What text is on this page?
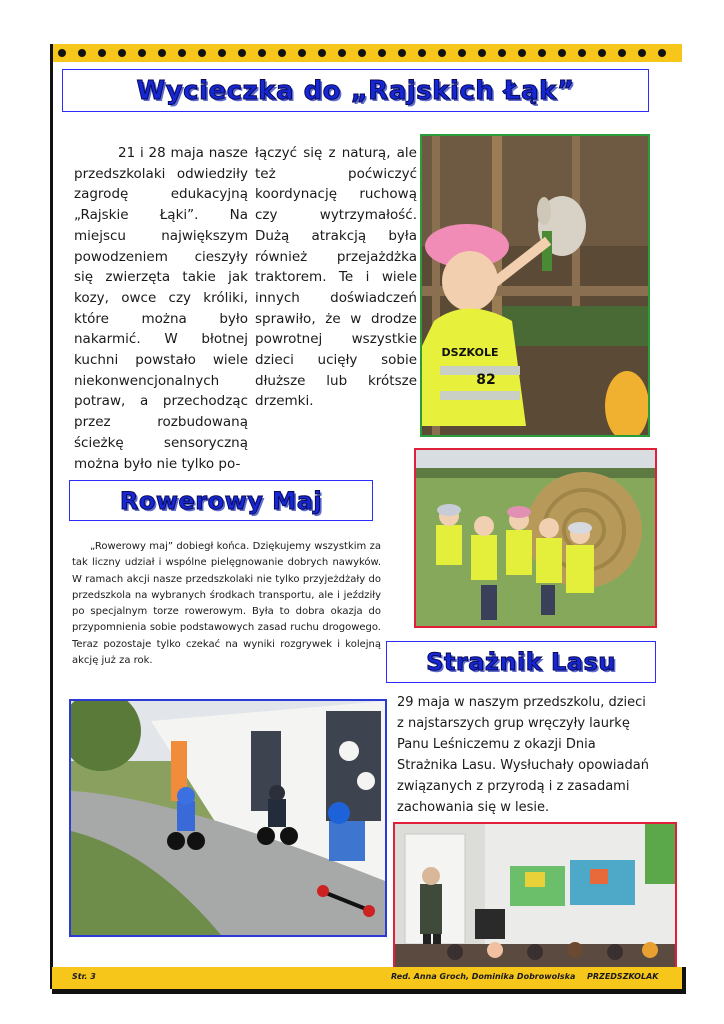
Wycieczka do „Rajskich Łąk”

21 i 28 maja nasze przedszkolaki odwiedziły zagrodę edukacyjną „Rajskie Łąki”. Na miejscu największym powodzeniem cieszyły się zwierzęta takie jak kozy, owce czy króliki, które można było nakarmić. W błotnej kuchni powstało wiele niekonwencjonalnych potraw, a przechodząc przez rozbudowaną ścieżkę sensoryczną można było nie tylko po-

łączyć się z naturą, ale też poćwiczyć koordynację ruchową czy wytrzymałość. Dużą atrakcją była również przejażdżka traktorem. Te i wiele innych doświadczeń sprawiło, że w drodze powrotnej wszystkie dzieci ucięły sobie dłuższe lub krótsze drzemki.

DSZKOLE
82
Rowerowy Maj

„Rowerowy maj” dobiegł końca. Dziękujemy wszystkim za tak liczny udział i wspólne pielęgnowanie dobrych nawyków. W ramach akcji nasze przedszkolaki nie tylko przyjeżdżały do przedszkola na wybranych środkach transportu, ale i jeździły po specjalnym torze rowerowym. Była to dobra okazja do przypomnienia sobie podstawowych zasad ruchu drogowego. Teraz pozostaje tylko czekać na wyniki rozgrywek i kolejną akcję już za rok.	Strażnik Lasu
29 maja w naszym przedszkolu, dzieci z najstarszych grup wręczyły laurkę Panu Leśniczemu z okazji Dnia Strażnika Lasu. Wysłuchały opowiadań związanych z przyrodą i z zasadami zachowania się w lesie.
Str. 3	Red. Anna Groch, Dominika Dobrowolska PRZEDSZKOLAK
